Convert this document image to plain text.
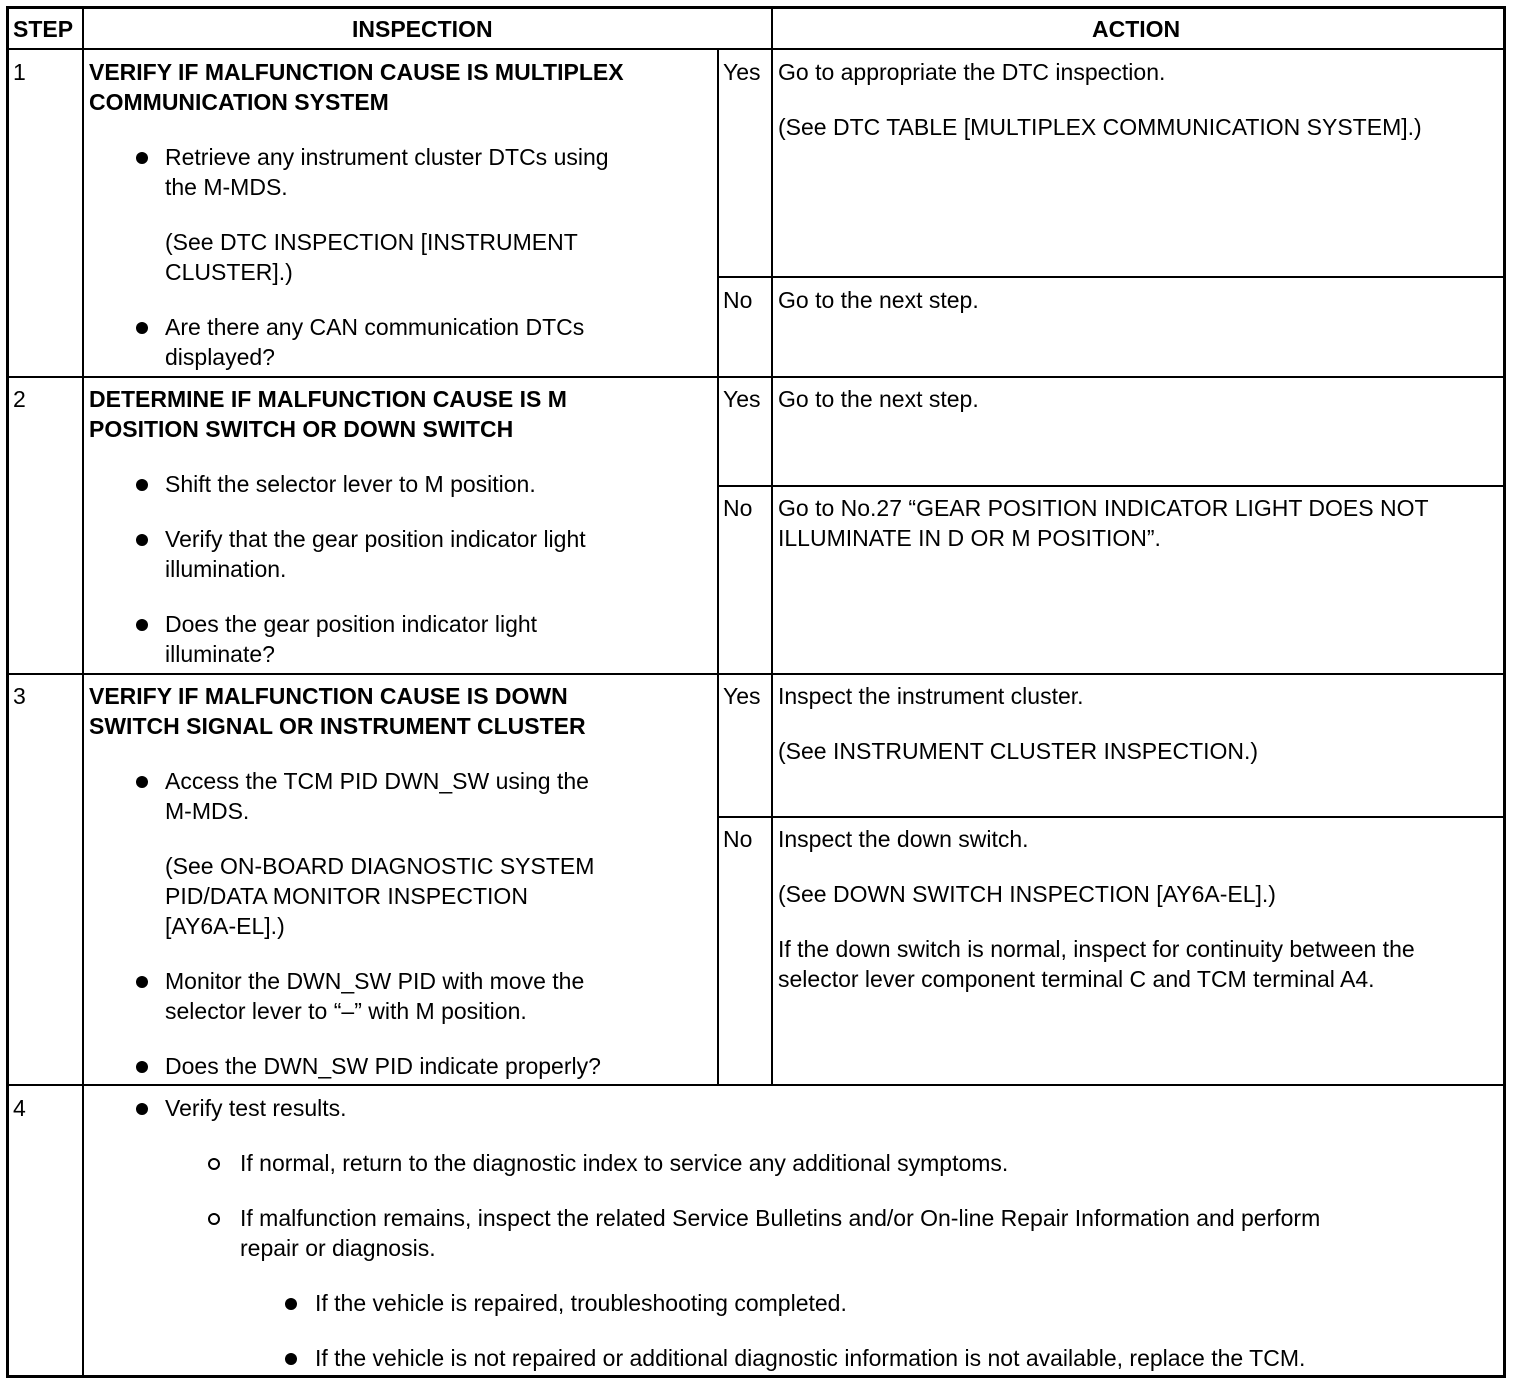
STEP	INSPECTION	ACTION
1	VERIFY IF MALFUNCTION CAUSE IS MULTIPLEX
COMMUNICATION SYSTEM
Retrieve any instrument cluster DTCs using
the M-MDS.
(See DTC INSPECTION [INSTRUMENT
CLUSTER].)
Are there any CAN communication DTCs
displayed?
Yes Go to appropriate the DTC inspection.
(See DTC TABLE [MULTIPLEX COMMUNICATION SYSTEM].)
No Go to the next step.
2	DETERMINE IF MALFUNCTION CAUSE IS M
POSITION SWITCH OR DOWN SWITCH
Shift the selector lever to M position.
Verify that the gear position indicator light
illumination.
Does the gear position indicator light
illuminate?
Yes Go to the next step.
No Go to No.27 “GEAR POSITION INDICATOR LIGHT DOES NOT
ILLUMINATE IN D OR M POSITION”.
3	VERIFY IF MALFUNCTION CAUSE IS DOWN
SWITCH SIGNAL OR INSTRUMENT CLUSTER
Access the TCM PID DWN_SW using the
M-MDS.
(See ON-BOARD DIAGNOSTIC SYSTEM
PID/DATA MONITOR INSPECTION
[AY6A-EL].)
Monitor the DWN_SW PID with move the
selector lever to “–” with M position.
Does the DWN_SW PID indicate properly?
Yes Inspect the instrument cluster.
(See INSTRUMENT CLUSTER INSPECTION.)
No Inspect the down switch.
(See DOWN SWITCH INSPECTION [AY6A-EL].)
If the down switch is normal, inspect for continuity between the
selector lever component terminal C and TCM terminal A4.
4	Verify test results.
If normal, return to the diagnostic index to service any additional symptoms.
If malfunction remains, inspect the related Service Bulletins and/or On-line Repair Information and perform
repair or diagnosis.
If the vehicle is repaired, troubleshooting completed.
If the vehicle is not repaired or additional diagnostic information is not available, replace the TCM.
